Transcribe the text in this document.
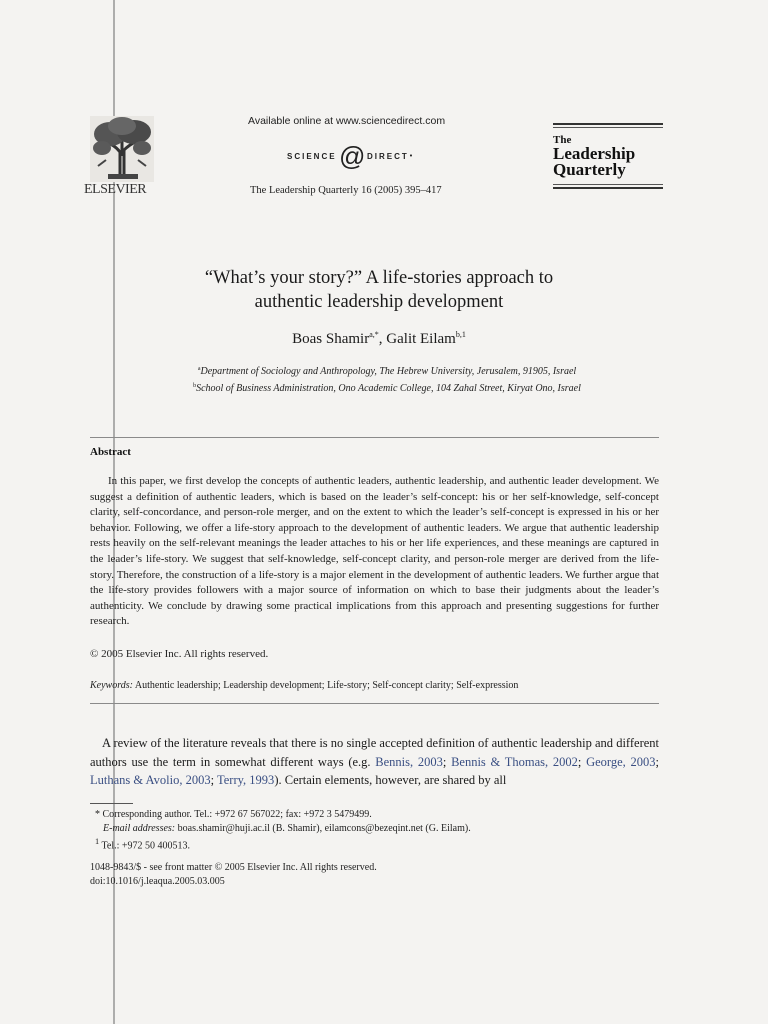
ELSEVIER
Available online at www.sciencedirect.com
SCIENCE @ DIRECT •
The Leadership Quarterly 16 (2005) 395–417
The
Leadership
Quarterly
“What’s your story?” A life-stories approach to
authentic leadership development
Boas Shamir$^{a,*}$, Galit Eilam$^{b,1}$
$^a$Department of Sociology and Anthropology, The Hebrew University, Jerusalem, 91905, Israel
$^b$School of Business Administration, Ono Academic College, 104 Zahal Street, Kiryat Ono, Israel
Abstract
In this paper, we first develop the concepts of authentic leaders, authentic leadership, and authentic leader development. We suggest a definition of authentic leaders, which is based on the leader’s self-concept: his or her self-knowledge, self-concept clarity, self-concordance, and person-role merger, and on the extent to which the leader’s self-concept is expressed in his or her behavior. Following, we offer a life-story approach to the development of authentic leaders. We argue that authentic leadership rests heavily on the self-relevant meanings the leader attaches to his or her life experiences, and these meanings are captured in the leader’s life-story. We suggest that self-knowledge, self-concept clarity, and person-role merger are derived from the life-story. Therefore, the construction of a life-story is a major element in the development of authentic leaders. We further argue that the life-story provides followers with a major source of information on which to base their judgments about the leader’s authenticity. We conclude by drawing some practical implications from this approach and presenting suggestions for further research.
© 2005 Elsevier Inc. All rights reserved.
Keywords: Authentic leadership; Leadership development; Life-story; Self-concept clarity; Self-expression
A review of the literature reveals that there is no single accepted definition of authentic leadership and different authors use the term in somewhat different ways (e.g. Bennis, 2003; Bennis & Thomas, 2002; George, 2003; Luthans & Avolio, 2003; Terry, 1993). Certain elements, however, are shared by all
* Corresponding author. Tel.: +972 67 567022; fax: +972 3 5479499.
E-mail addresses: boas.shamir@huji.ac.il (B. Shamir), eilamcons@bezeqint.net (G. Eilam).
$^1$ Tel.: +972 50 400513.
1048-9843/$ - see front matter © 2005 Elsevier Inc. All rights reserved.
doi:10.1016/j.leaqua.2005.03.005
